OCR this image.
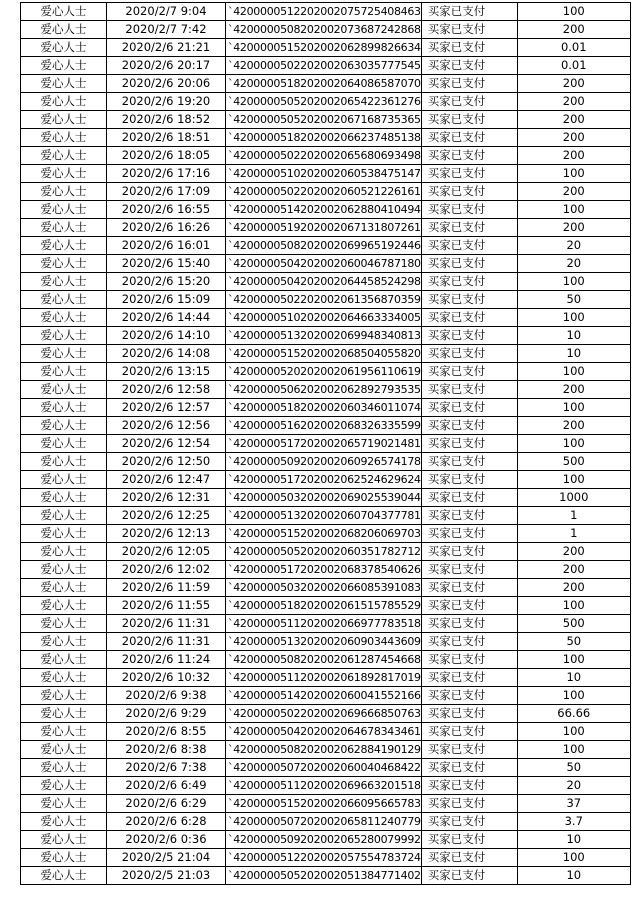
爱心人士	2020/2/7 9:04	`4200000512202002075725408463	买家已支付	100
爱心人士	2020/2/7 7:42	`4200000508202002073687242868	买家已支付	200
爱心人士	2020/2/6 21:21	`4200000515202002062899826634	买家已支付	0.01
爱心人士	2020/2/6 20:17	`4200000502202002063035777545	买家已支付	0.01
爱心人士	2020/2/6 20:06	`4200000518202002064086587070	买家已支付	200
爱心人士	2020/2/6 19:20	`4200000505202002065422361276	买家已支付	200
爱心人士	2020/2/6 18:52	`4200000505202002067168735365	买家已支付	200
爱心人士	2020/2/6 18:51	`4200000518202002066237485138	买家已支付	200
爱心人士	2020/2/6 18:05	`4200000502202002065680693498	买家已支付	200
爱心人士	2020/2/6 17:16	`4200000510202002060538475147	买家已支付	100
爱心人士	2020/2/6 17:09	`4200000502202002060521226161	买家已支付	200
爱心人士	2020/2/6 16:55	`4200000514202002062880410494	买家已支付	100
爱心人士	2020/2/6 16:26	`4200000519202002067131807261	买家已支付	200
爱心人士	2020/2/6 16:01	`4200000508202002069965192446	买家已支付	20
爱心人士	2020/2/6 15:40	`4200000504202002060046787180	买家已支付	20
爱心人士	2020/2/6 15:20	`4200000504202002064458524298	买家已支付	100
爱心人士	2020/2/6 15:09	`4200000502202002061356870359	买家已支付	50
爱心人士	2020/2/6 14:44	`4200000510202002064663334005	买家已支付	100
爱心人士	2020/2/6 14:10	`4200000513202002069948340813	买家已支付	10
爱心人士	2020/2/6 14:08	`4200000515202002068504055820	买家已支付	10
爱心人士	2020/2/6 13:15	`4200000520202002061956110619	买家已支付	100
爱心人士	2020/2/6 12:58	`4200000506202002062892793535	买家已支付	200
爱心人士	2020/2/6 12:57	`4200000518202002060346011074	买家已支付	100
爱心人士	2020/2/6 12:56	`4200000516202002068326335599	买家已支付	200
爱心人士	2020/2/6 12:54	`4200000517202002065719021481	买家已支付	100
爱心人士	2020/2/6 12:50	`4200000509202002060926574178	买家已支付	500
爱心人士	2020/2/6 12:47	`4200000517202002062524629624	买家已支付	100
爱心人士	2020/2/6 12:31	`4200000503202002069025539044	买家已支付	1000
爱心人士	2020/2/6 12:25	`4200000513202002060704377781	买家已支付	1
爱心人士	2020/2/6 12:13	`4200000515202002068206069703	买家已支付	1
爱心人士	2020/2/6 12:05	`4200000505202002060351782712	买家已支付	200
爱心人士	2020/2/6 12:02	`4200000517202002068378540626	买家已支付	200
爱心人士	2020/2/6 11:59	`4200000503202002066085391083	买家已支付	200
爱心人士	2020/2/6 11:55	`4200000518202002061515785529	买家已支付	100
爱心人士	2020/2/6 11:31	`4200000511202002066977783518	买家已支付	500
爱心人士	2020/2/6 11:31	`4200000513202002060903443609	买家已支付	50
爱心人士	2020/2/6 11:24	`4200000508202002061287454668	买家已支付	100
爱心人士	2020/2/6 10:32	`4200000511202002061892817019	买家已支付	10
爱心人士	2020/2/6 9:38	`4200000514202002060041552166	买家已支付	100
爱心人士	2020/2/6 9:29	`4200000502202002069666850763	买家已支付	66.66
爱心人士	2020/2/6 8:55	`4200000504202002064678343461	买家已支付	100
爱心人士	2020/2/6 8:38	`4200000508202002062884190129	买家已支付	100
爱心人士	2020/2/6 7:38	`4200000507202002060040468422	买家已支付	50
爱心人士	2020/2/6 6:49	`4200000511202002069663201518	买家已支付	20
爱心人士	2020/2/6 6:29	`4200000515202002066095665783	买家已支付	37
爱心人士	2020/2/6 6:28	`4200000507202002065811240779	买家已支付	3.7
爱心人士	2020/2/6 0:36	`4200000509202002065280079992	买家已支付	10
爱心人士	2020/2/5 21:04	`4200000512202002057554783724	买家已支付	100
爱心人士	2020/2/5 21:03	`4200000505202002051384771402	买家已支付	10
